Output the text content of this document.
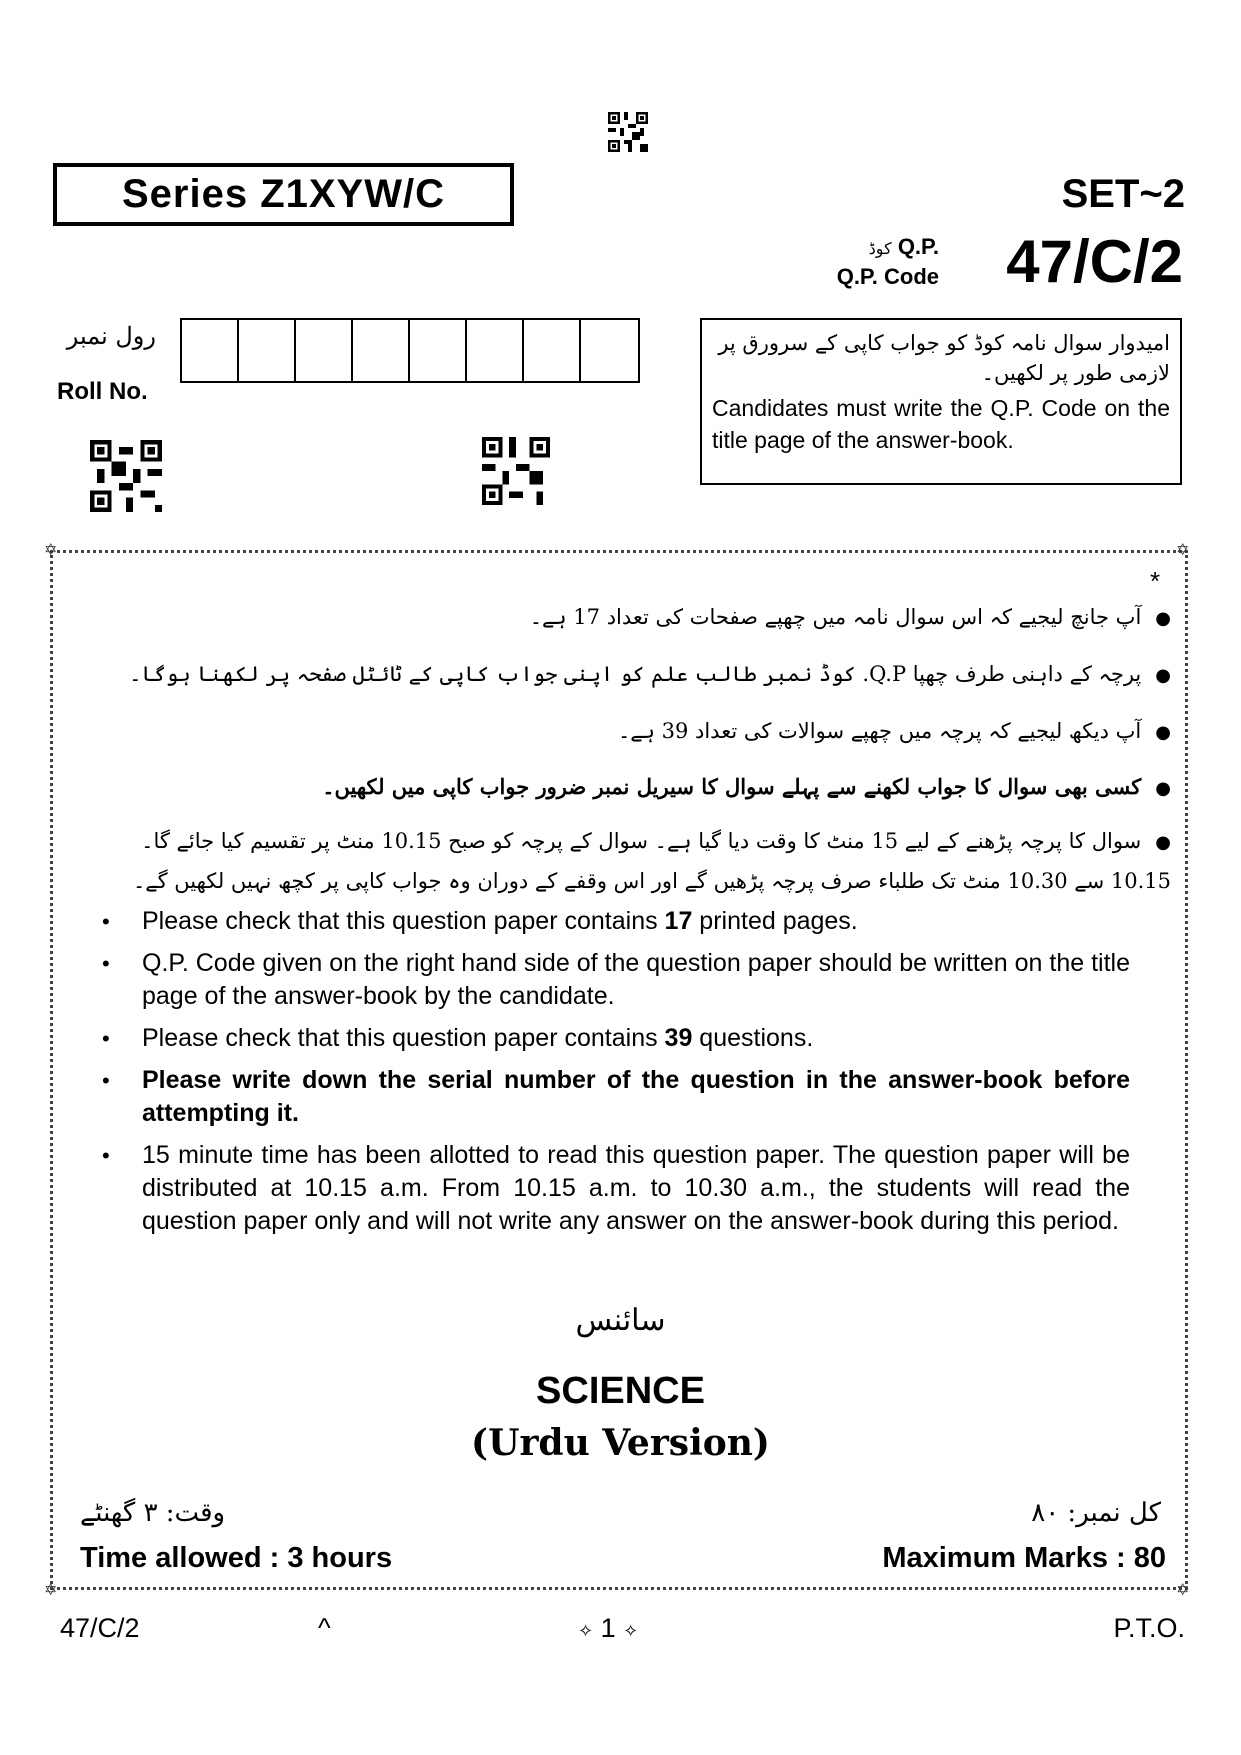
Series Z1XYW/C	SET~2
کوڈ Q.P.
Q.P. Code 47/C/2
رول نمبر
Roll No.
امیدوار سوال نامہ کوڈ کو جواب کاپی کے سرورق پر لازمی طور پر لکھیں۔
Candidates must write the Q.P. Code on the title page of the answer-book.
✡	✡
✡	✡
*
●آپ جانچ لیجیے کہ اس سوال نامہ میں چھپے صفحات کی تعداد 17 ہے۔
●پرچہ کے داہنی طرف چھپا Q.P. کوڈ نمبر طالب علم کو اپنی جواب کاپی کے ٹائٹل صفحہ پر لکھنا ہوگا۔
●آپ دیکھ لیجیے کہ پرچہ میں چھپے سوالات کی تعداد 39 ہے۔
●کسی بھی سوال کا جواب لکھنے سے پہلے سوال کا سیریل نمبر ضرور جواب کاپی میں لکھیں۔
●سوال کا پرچہ پڑھنے کے لیے 15 منٹ کا وقت دیا گیا ہے۔ سوال کے پرچہ کو صبح 10.15 منٹ پر تقسیم کیا جائے گا۔ 10.15 سے 10.30 منٹ تک طلباء صرف پرچہ پڑھیں گے اور اس وقفے کے دوران وہ جواب کاپی پر کچھ نہیں لکھیں گے۔
• Please check that this question paper contains 17 printed pages.
• Q.P. Code given on the right hand side of the question paper should be written on the title page of the answer-book by the candidate.
• Please check that this question paper contains 39 questions.
• Please write down the serial number of the question in the answer-book before attempting it.
• 15 minute time has been allotted to read this question paper. The question paper will be distributed at 10.15 a.m. From 10.15 a.m. to 10.30 a.m., the students will read the question paper only and will not write any answer on the answer-book during this period.
سائنس
SCIENCE
(Urdu Version)
وقت: ۳ گھنٹے	کل نمبر: ۸۰
Time allowed : 3 hours	Maximum Marks : 80
47/C/2	^	✧ 1 ✧	P.T.O.
